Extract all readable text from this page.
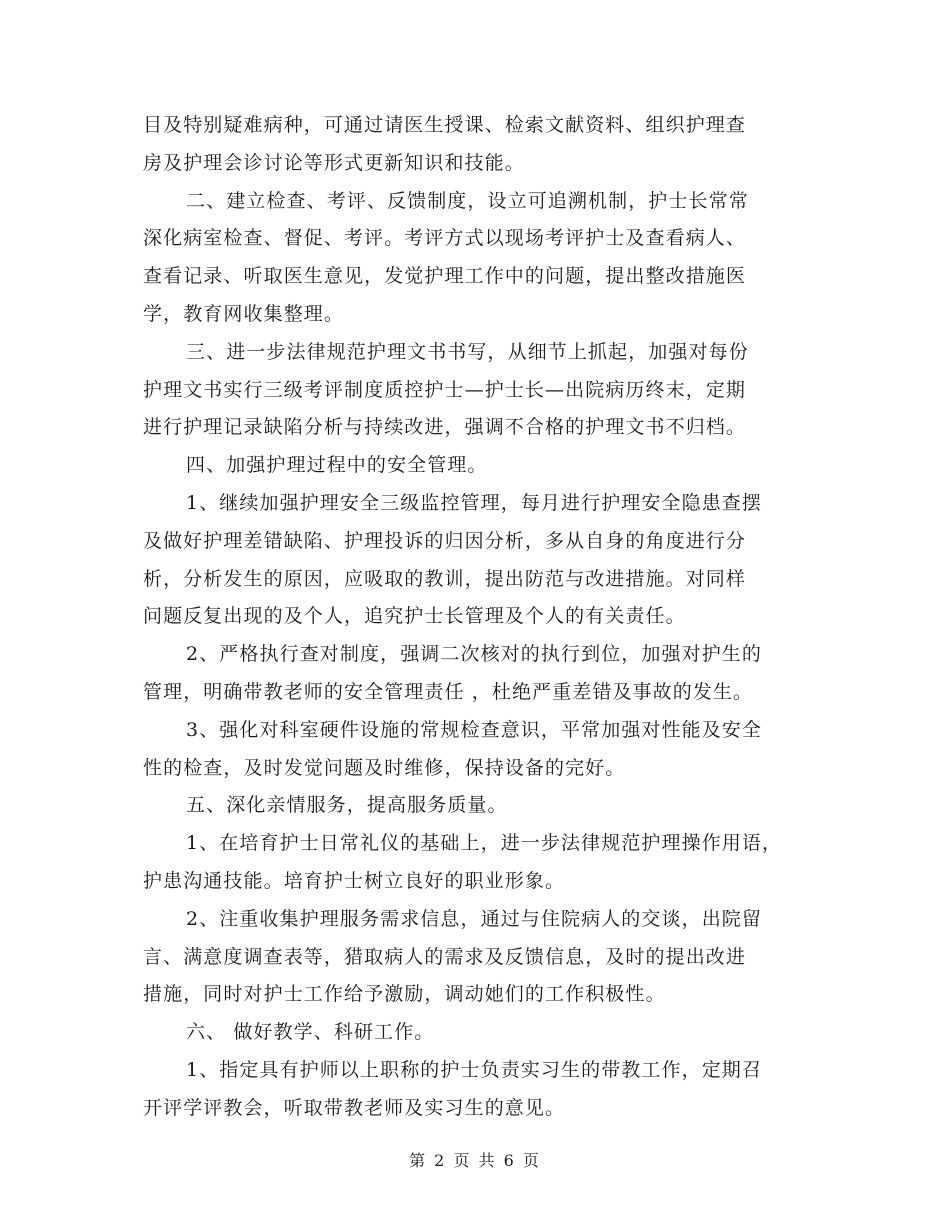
目及特别疑难病种，可通过请医生授课、检索文献资料、组织护理查
房及护理会诊讨论等形式更新知识和技能。
二、建立检查、考评、反馈制度，设立可追溯机制，护士长常常
深化病室检查、督促、考评。考评方式以现场考评护士及查看病人、
查看记录、听取医生意见，发觉护理工作中的问题，提出整改措施医
学，教育网收集整理。
三、进一步法律规范护理文书书写，从细节上抓起，加强对每份
护理文书实行三级考评制度质控护士—护士长—出院病历终末，定期
进行护理记录缺陷分析与持续改进，强调不合格的护理文书不归档。
四、加强护理过程中的安全管理。
1、继续加强护理安全三级监控管理，每月进行护理安全隐患查摆
及做好护理差错缺陷、护理投诉的归因分析，多从自身的角度进行分
析，分析发生的原因，应吸取的教训，提出防范与改进措施。对同样
问题反复出现的及个人，追究护士长管理及个人的有关责任。
2、严格执行查对制度，强调二次核对的执行到位，加强对护生的
管理，明确带教老师的安全管理责任 ，杜绝严重差错及事故的发生。
3、强化对科室硬件设施的常规检查意识，平常加强对性能及安全
性的检查，及时发觉问题及时维修，保持设备的完好。
五、深化亲情服务，提高服务质量。
1、在培育护士日常礼仪的基础上，进一步法律规范护理操作用语，
护患沟通技能。培育护士树立良好的职业形象。
2、注重收集护理服务需求信息，通过与住院病人的交谈，出院留
言、满意度调查表等，猎取病人的需求及反馈信息，及时的提出改进
措施，同时对护士工作给予激励，调动她们的工作积极性。
六、 做好教学、科研工作。
1、指定具有护师以上职称的护士负责实习生的带教工作，定期召
开评学评教会，听取带教老师及实习生的意见。
第 2 页 共 6 页
